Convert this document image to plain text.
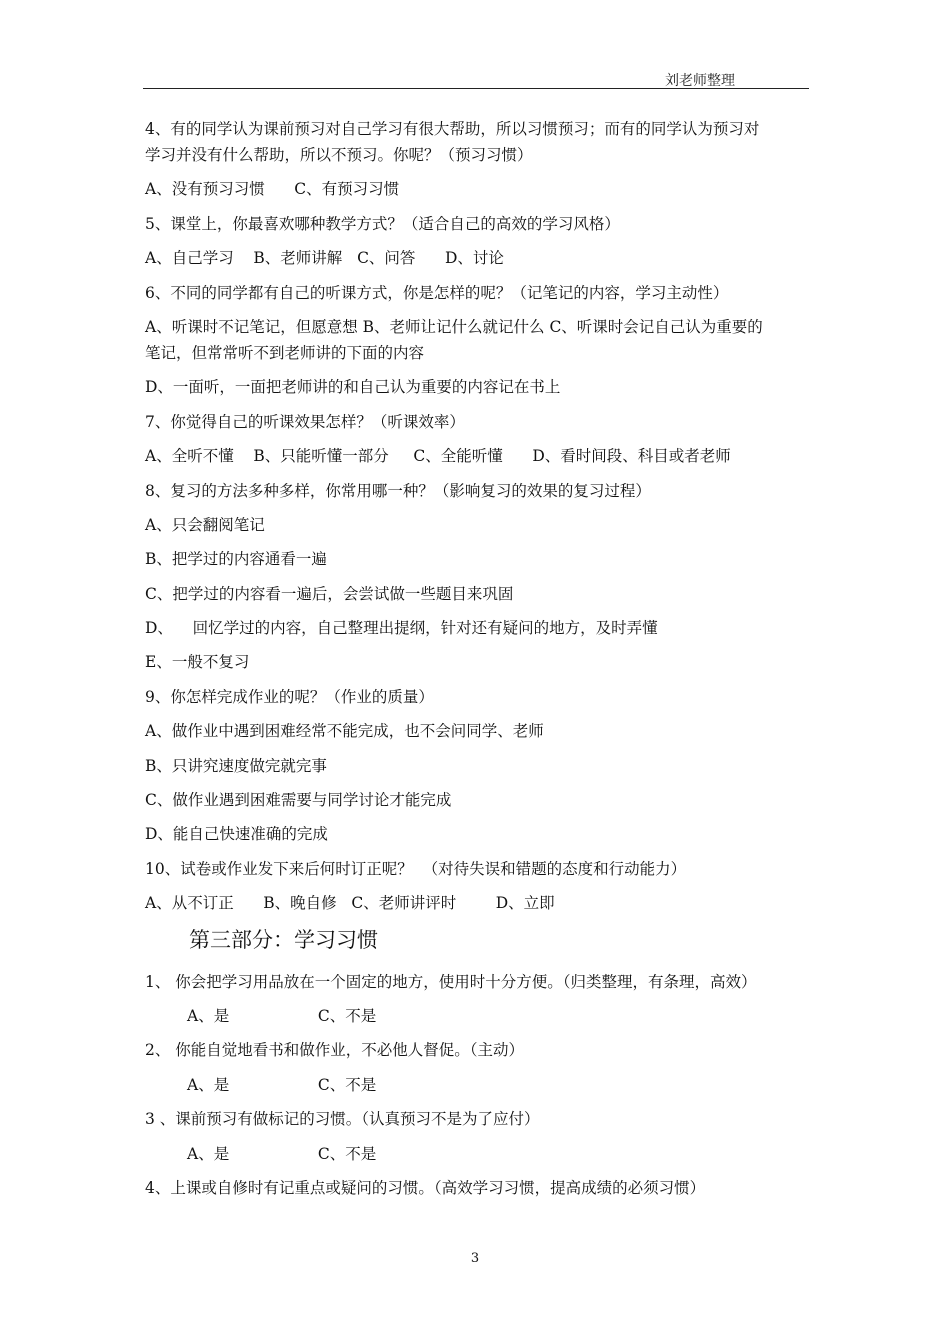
刘老师整理
4、有的同学认为课前预习对自己学习有很大帮助，所以习惯预习；而有的同学认为预习对
学习并没有什么帮助，所以不预习。你呢？（预习习惯）
A、没有预习习惯      C、有预习习惯
5、课堂上，你最喜欢哪种教学方式？（适合自己的高效的学习风格）
A、自己学习    B、老师讲解   C、问答      D、讨论
6、不同的同学都有自己的听课方式，你是怎样的呢？（记笔记的内容，学习主动性）
A、听课时不记笔记，但愿意想 B、老师让记什么就记什么 C、听课时会记自己认为重要的
笔记，但常常听不到老师讲的下面的内容
D、一面听，一面把老师讲的和自己认为重要的内容记在书上
7、你觉得自己的听课效果怎样？（听课效率）
A、全听不懂    B、只能听懂一部分     C、全能听懂      D、看时间段、科目或者老师
8、复习的方法多种多样，你常用哪一种？（影响复习的效果的复习过程）
A、只会翻阅笔记
B、把学过的内容通看一遍
C、把学过的内容看一遍后，会尝试做一些题目来巩固
D、    回忆学过的内容，自己整理出提纲，针对还有疑问的地方，及时弄懂
E、一般不复习
9、你怎样完成作业的呢？（作业的质量）
A、做作业中遇到困难经常不能完成，也不会问同学、老师
B、只讲究速度做完就完事
C、做作业遇到困难需要与同学讨论才能完成
D、能自己快速准确的完成
10、试卷或作业发下来后何时订正呢？  （对待失误和错题的态度和行动能力）
A、从不订正      B、晚自修   C、老师讲评时        D、立即
第三部分：学习习惯
1、 你会把学习用品放在一个固定的地方，使用时十分方便。（归类整理，有条理，高效）
A、是                  C、不是
2、 你能自觉地看书和做作业，不必他人督促。（主动）
A、是                  C、不是
3 、课前预习有做标记的习惯。（认真预习不是为了应付）
A、是                  C、不是
4、上课或自修时有记重点或疑问的习惯。（高效学习习惯，提高成绩的必须习惯）
3
